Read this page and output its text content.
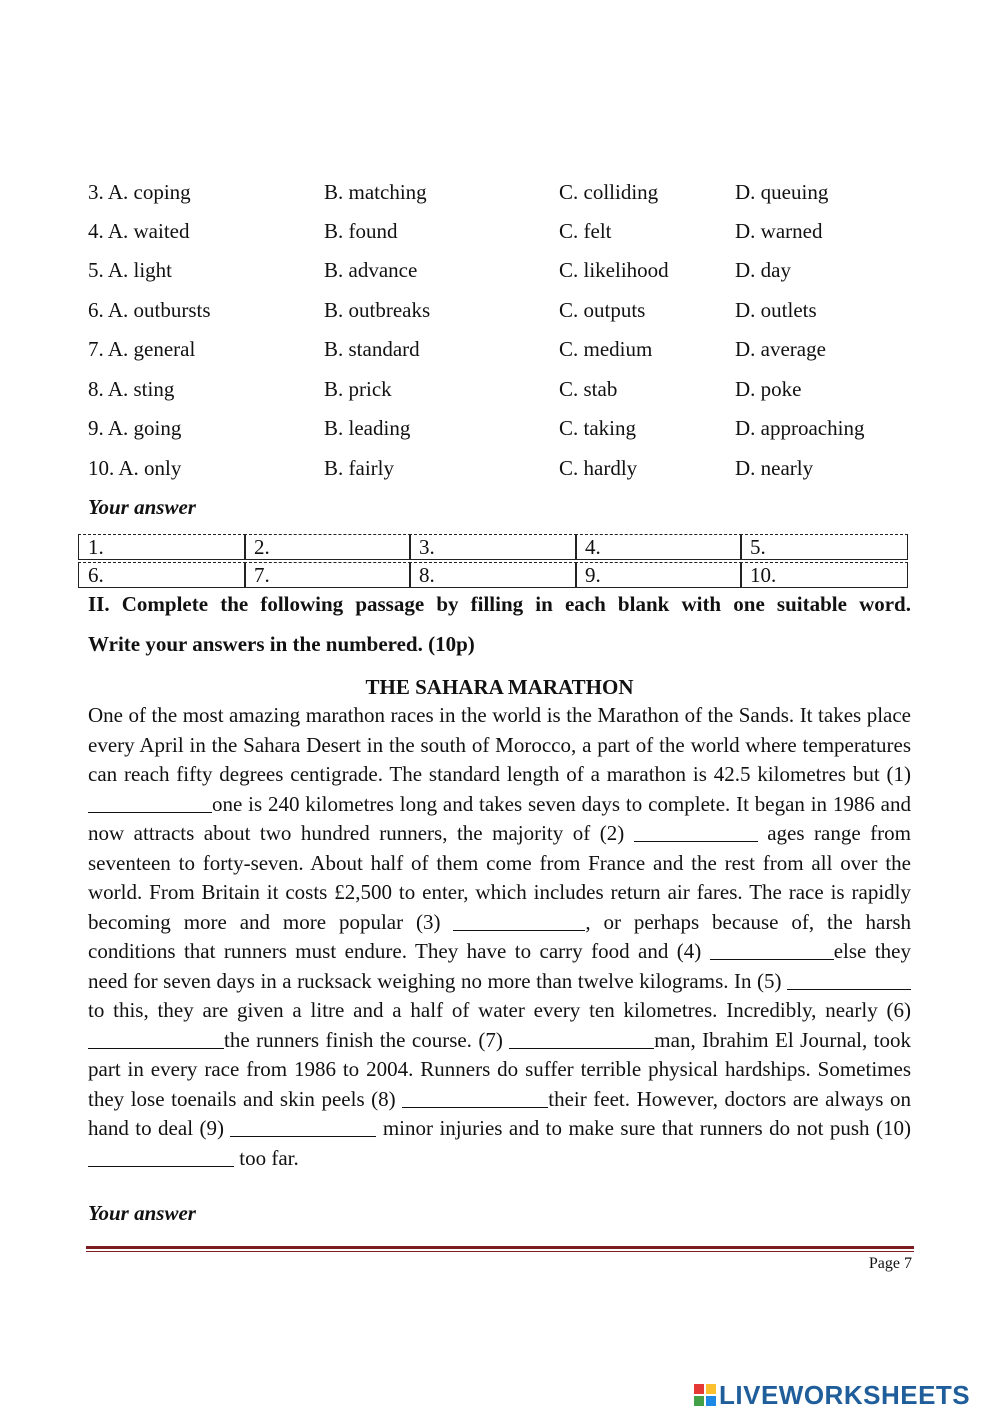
3. A. coping	B. matching	C. colliding	D. queuing
4. A. waited	B. found	C. felt	D. warned
5. A. light	B. advance	C. likelihood	D. day
6. A. outbursts	B. outbreaks	C. outputs	D. outlets
7. A. general	B. standard	C. medium	D. average
8. A. sting	B. prick	C. stab	D. poke
9. A. going	B. leading	C. taking	D. approaching
10. A. only	B. fairly	C. hardly	D. nearly
Your answer
1.	2.	3.	4.	5.
6.	7.	8.	9.	10.
II. Complete the following passage by filling in each blank with one suitable word.
Write your answers in the numbered. (10p)
THE SAHARA MARATHON

One of the most amazing marathon races in the world is the Marathon of the Sands. It takes place every April in the Sahara Desert in the south of Morocco, a part of the world where temperatures can reach fifty degrees centigrade. The standard length of a marathon is 42.5 kilometres but (1) one is 240 kilometres long and takes seven days to complete. It began in 1986 and now attracts about two hundred runners, the majority of (2)	ages range from seventeen to forty-seven. About half of them come from France and the rest from all over the world. From Britain it costs £2,500 to enter, which includes return air fares. The race is rapidly becoming more and more popular (3)	, or perhaps because of, the harsh conditions that runners must endure. They have to carry food and (4)	else they need for seven days in a rucksack weighing no more than twelve kilograms. In (5) to this, they are given a litre and a half of water every ten kilometres. Incredibly, nearly (6) the runners finish the course. (7)	man, Ibrahim El Journal, took part in every race from 1986 to 2004. Runners do suffer terrible physical hardships. Sometimes they lose toenails and skin peels (8)	their feet. However, doctors are always on hand to deal (9)	minor injuries and to make sure that runners do not push (10)  too far.

Your answer
Page 7
LIVEWORKSHEETS
